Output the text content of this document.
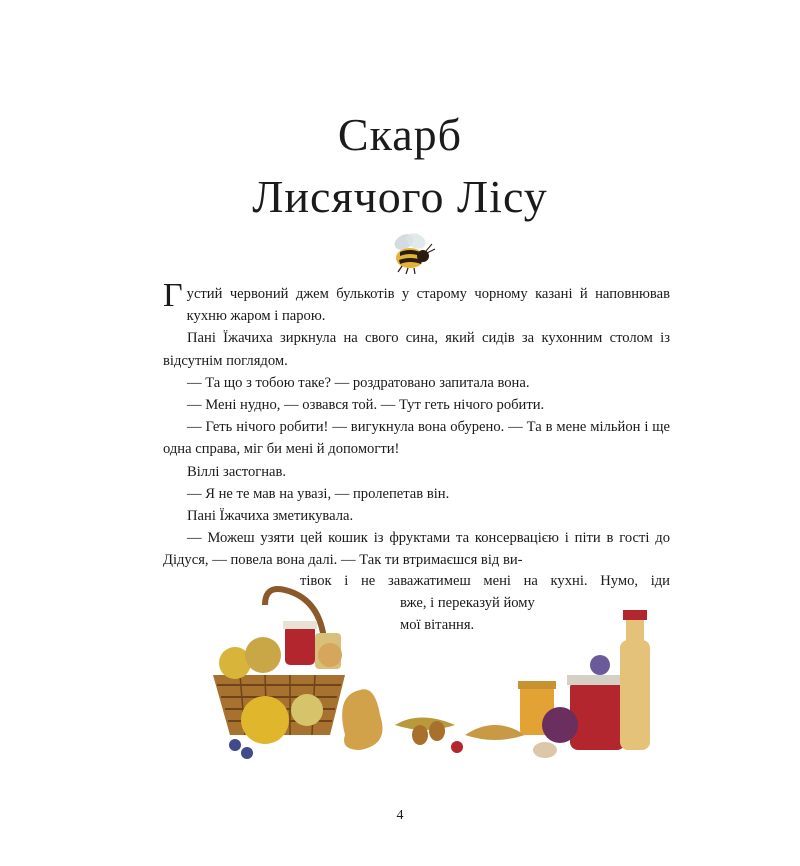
Скарб
Лисячого Лісу

Густий червоний джем булькотів у старому чорному казані й наповнював кухню жаром і парою.

Пані Їжачиха зиркнула на свого сина, який сидів за кухонним столом із відсутнім поглядом.

— Та що з тобою таке? — роздратовано запитала вона.

— Мені нудно, — озвався той. — Тут геть нічого робити.

— Геть нічого робити! — вигукнула вона обурено. — Та в мене мільйон і ще одна справа, міг би мені й допомогти!

Віллі застогнав.

— Я не те мав на увазі, — пролепетав він.

Пані Їжачиха зметикувала.

— Можеш узяти цей кошик із фруктами та консервацією і піти в гості до Дідуся, — повела вона далі. — Так ти втримаєшся від ви-

тівок і не заважатимеш мені на кухні. Нумо, іди
вже, і переказуй йому
мої вітання.
4
